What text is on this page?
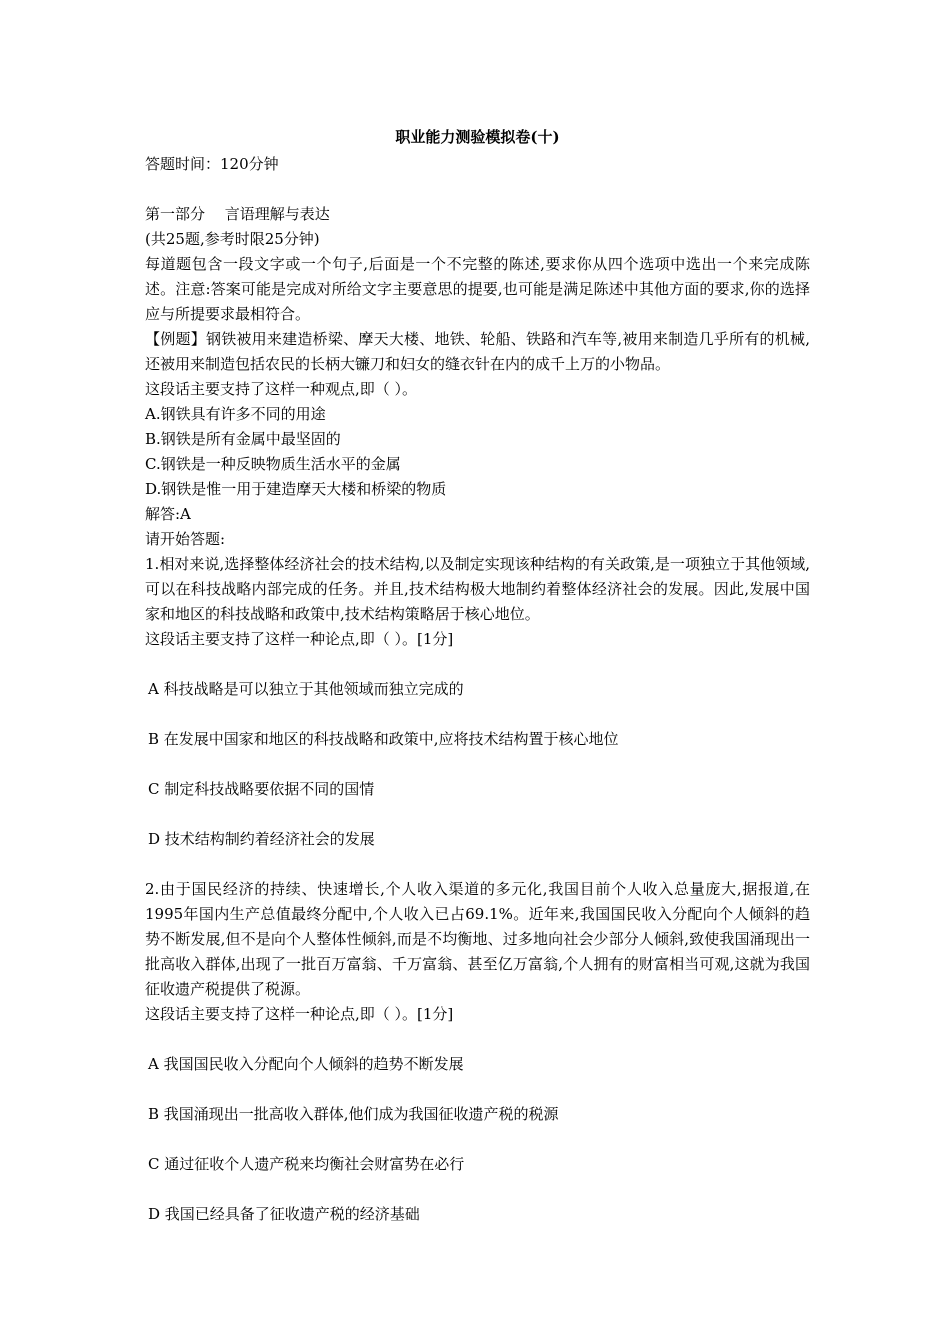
职业能力测验模拟卷(十)

答题时间：120分钟

第一部分　 言语理解与表达

(共25题,参考时限25分钟)

每道题包含一段文字或一个句子,后面是一个不完整的陈述,要求你从四个选项中选出一个来完成陈述。注意:答案可能是完成对所给文字主要意思的提要,也可能是满足陈述中其他方面的要求,你的选择应与所提要求最相符合。

【例题】钢铁被用来建造桥梁、摩天大楼、地铁、轮船、铁路和汽车等,被用来制造几乎所有的机械,还被用来制造包括农民的长柄大镰刀和妇女的缝衣针在内的成千上万的小物品。

这段话主要支持了这样一种观点,即（ ）。

A.钢铁具有许多不同的用途

B.钢铁是所有金属中最坚固的

C.钢铁是一种反映物质生活水平的金属

D.钢铁是惟一用于建造摩天大楼和桥梁的物质

解答:A

请开始答题:

1.相对来说,选择整体经济社会的技术结构,以及制定实现该种结构的有关政策,是一项独立于其他领域,可以在科技战略内部完成的任务。并且,技术结构极大地制约着整体经济社会的发展。因此,发展中国家和地区的科技战略和政策中,技术结构策略居于核心地位。

这段话主要支持了这样一种论点,即（ ）。[1分]

A 科技战略是可以独立于其他领域而独立完成的

B 在发展中国家和地区的科技战略和政策中,应将技术结构置于核心地位

C 制定科技战略要依据不同的国情

D 技术结构制约着经济社会的发展

2.由于国民经济的持续、快速增长,个人收入渠道的多元化,我国目前个人收入总量庞大,据报道,在1995年国内生产总值最终分配中,个人收入已占69.1%。近年来,我国国民收入分配向个人倾斜的趋势不断发展,但不是向个人整体性倾斜,而是不均衡地、过多地向社会少部分人倾斜,致使我国涌现出一批高收入群体,出现了一批百万富翁、千万富翁、甚至亿万富翁,个人拥有的财富相当可观,这就为我国征收遗产税提供了税源。

这段话主要支持了这样一种论点,即（ ）。[1分]

A 我国国民收入分配向个人倾斜的趋势不断发展

B 我国涌现出一批高收入群体,他们成为我国征收遗产税的税源

C 通过征收个人遗产税来均衡社会财富势在必行

D 我国已经具备了征收遗产税的经济基础
